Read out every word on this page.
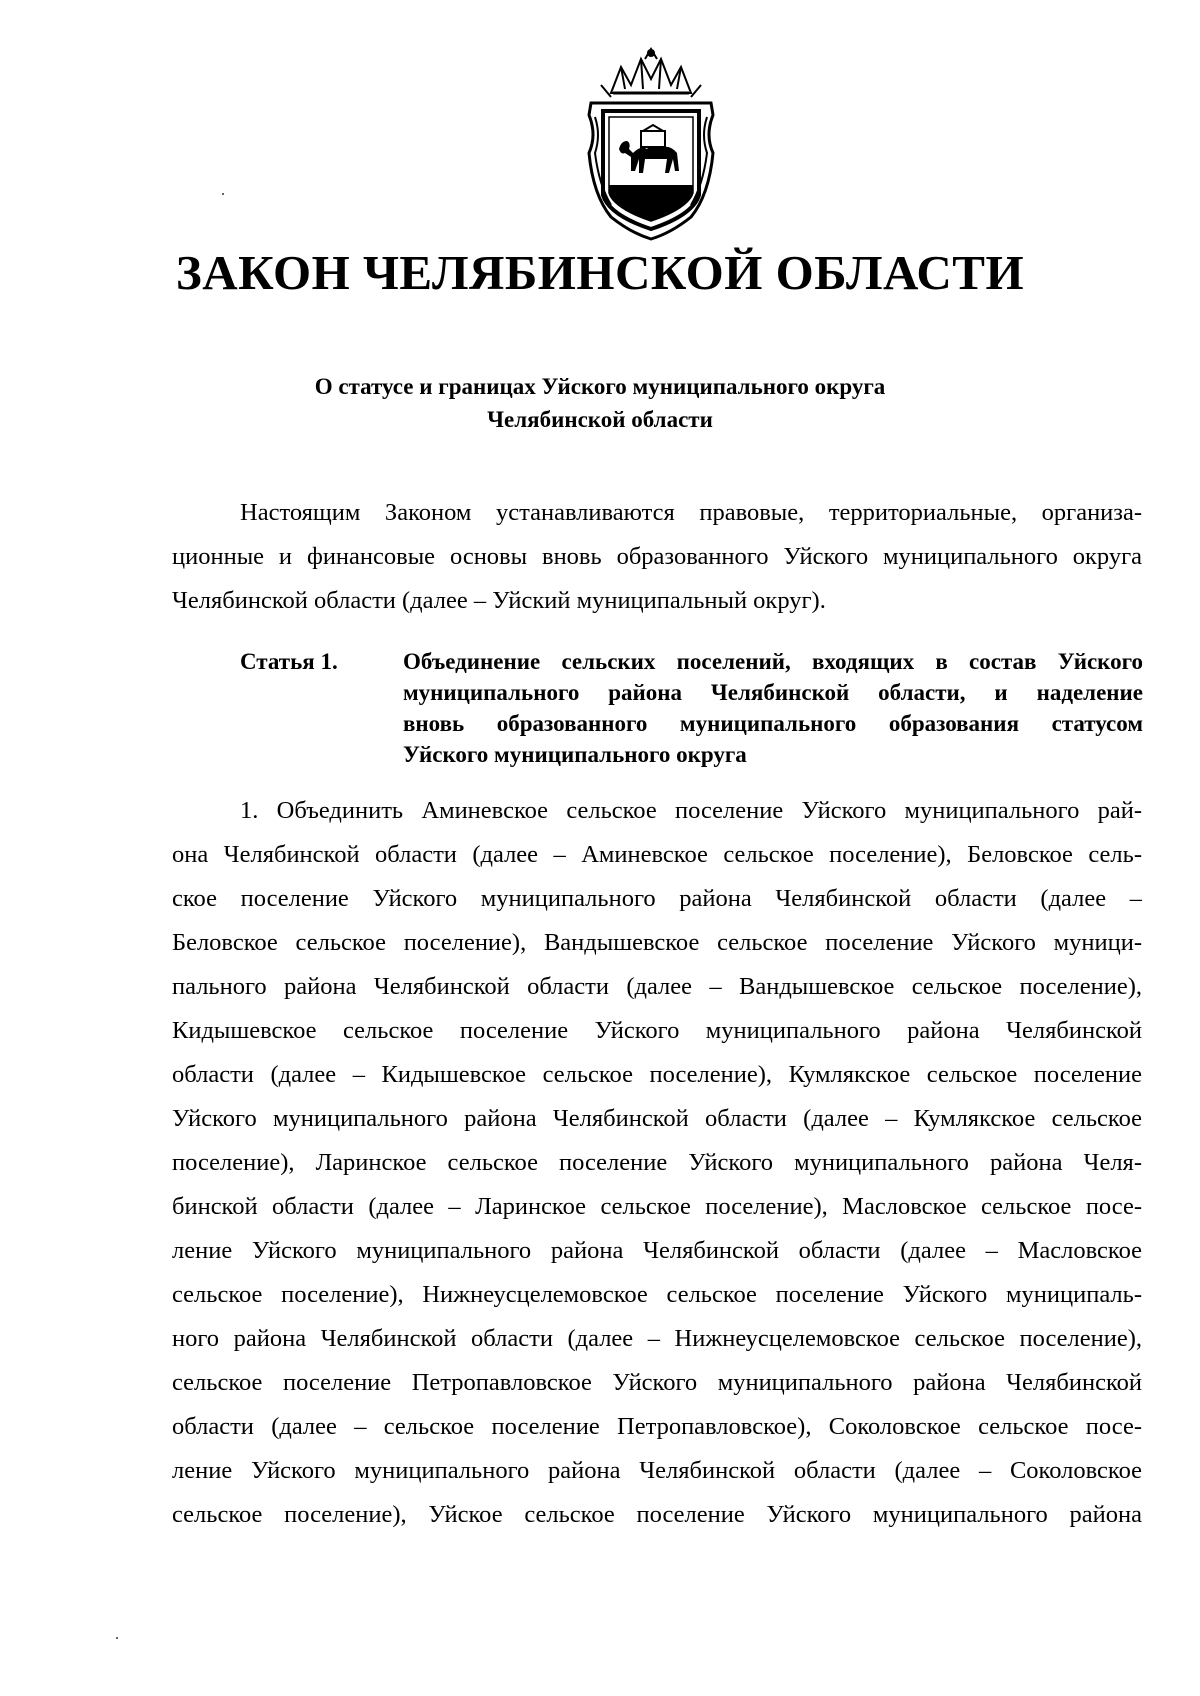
ЗАКОН ЧЕЛЯБИНСКОЙ ОБЛАСТИ
О статусе и границах Уйского муниципального округа
Челябинской области
Настоящим Законом устанавливаются правовые, территориальные, организа-
ционные и финансовые основы вновь образованного Уйского муниципального округа
Челябинской области (далее – Уйский муниципальный округ).
Статья 1.	Объединение сельских поселений, входящих в состав Уйского
муниципального района Челябинской области, и наделение
вновь образованного муниципального образования статусом
Уйского муниципального округа
1. Объединить Аминевское сельское поселение Уйского муниципального рай-
она Челябинской области (далее – Аминевское сельское поселение), Беловское сель-
ское поселение Уйского муниципального района Челябинской области (далее –
Беловское сельское поселение), Вандышевское сельское поселение Уйского муници-
пального района Челябинской области (далее – Вандышевское сельское поселение),
Кидышевское сельское поселение Уйского муниципального района Челябинской
области (далее – Кидышевское сельское поселение), Кумлякское сельское поселение
Уйского муниципального района Челябинской области (далее – Кумлякское сельское
поселение), Ларинское сельское поселение Уйского муниципального района Челя-
бинской области (далее – Ларинское сельское поселение), Масловское сельское посе-
ление Уйского муниципального района Челябинской области (далее – Масловское
сельское поселение), Нижнеусцелемовское сельское поселение Уйского муниципаль-
ного района Челябинской области (далее – Нижнеусцелемовское сельское поселение),
сельское поселение Петропавловское Уйского муниципального района Челябинской
области (далее – сельское поселение Петропавловское), Соколовское сельское посе-
ление Уйского муниципального района Челябинской области (далее – Соколовское
сельское поселение), Уйское сельское поселение Уйского муниципального района
